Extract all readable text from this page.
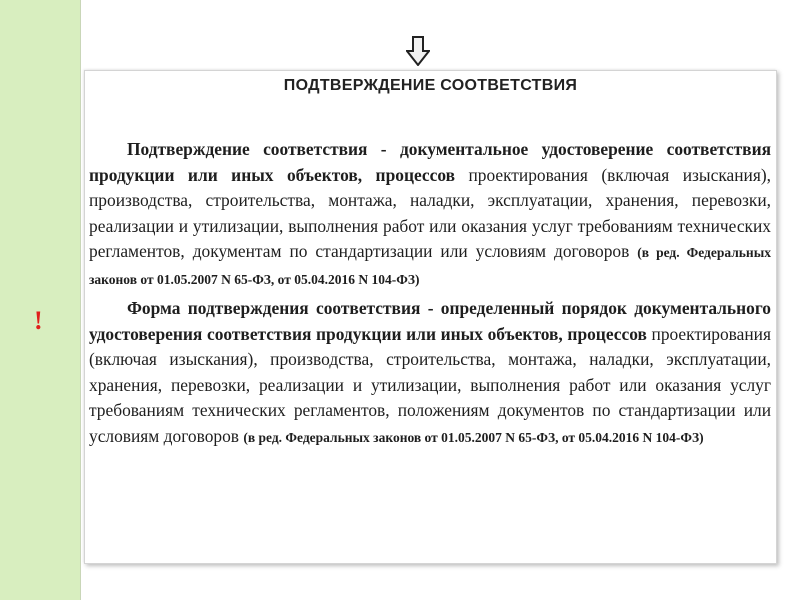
!
ПОДТВЕРЖДЕНИЕ СООТВЕТСТВИЯ

Подтверждение соответствия - документальное удостоверение соответствия продукции или иных объектов, процессов проектирования (включая изыскания), производства, строительства, монтажа, наладки, эксплуатации, хранения, перевозки, реализации и утилизации, выполнения работ или оказания услуг требованиям технических регламентов, документам по стандартизации или условиям договоров (в ред. Федеральных законов от 01.05.2007 N 65-ФЗ, от 05.04.2016 N 104-ФЗ)

Форма подтверждения соответствия - определенный порядок документального удостоверения соответствия продукции или иных объектов, процессов проектирования (включая изыскания), производства, строительства, монтажа, наладки, эксплуатации, хранения, перевозки, реализации и утилизации, выполнения работ или оказания услуг требованиям технических регламентов, положениям документов по стандартизации или условиям договоров (в ред. Федеральных законов от 01.05.2007 N 65-ФЗ, от 05.04.2016 N 104-ФЗ)
